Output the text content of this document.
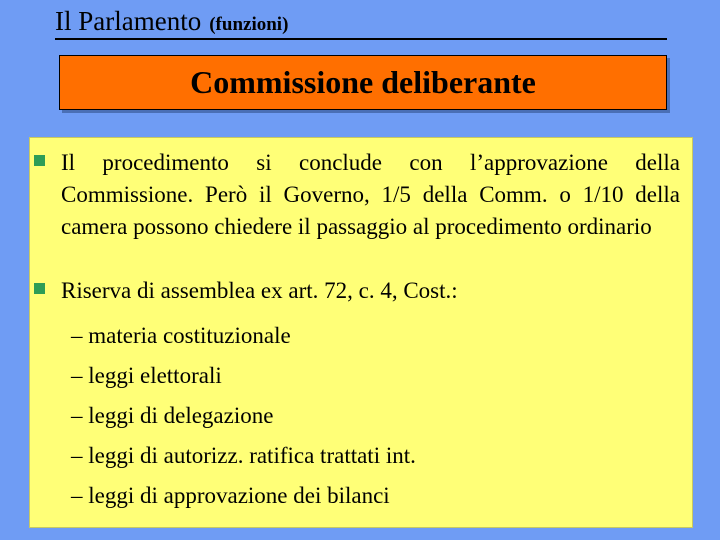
Il Parlamento (funzioni)
Commissione deliberante
Il procedimento si conclude con l’approvazione della Commissione. Però il Governo, 1/5 della Comm. o 1/10 della camera possono chiedere il passaggio al procedimento ordinario
Riserva di assemblea ex art. 72, c. 4, Cost.:
– materia costituzionale
– leggi elettorali
– leggi di delegazione
– leggi di autorizz. ratifica trattati int.
– leggi di approvazione dei bilanci
